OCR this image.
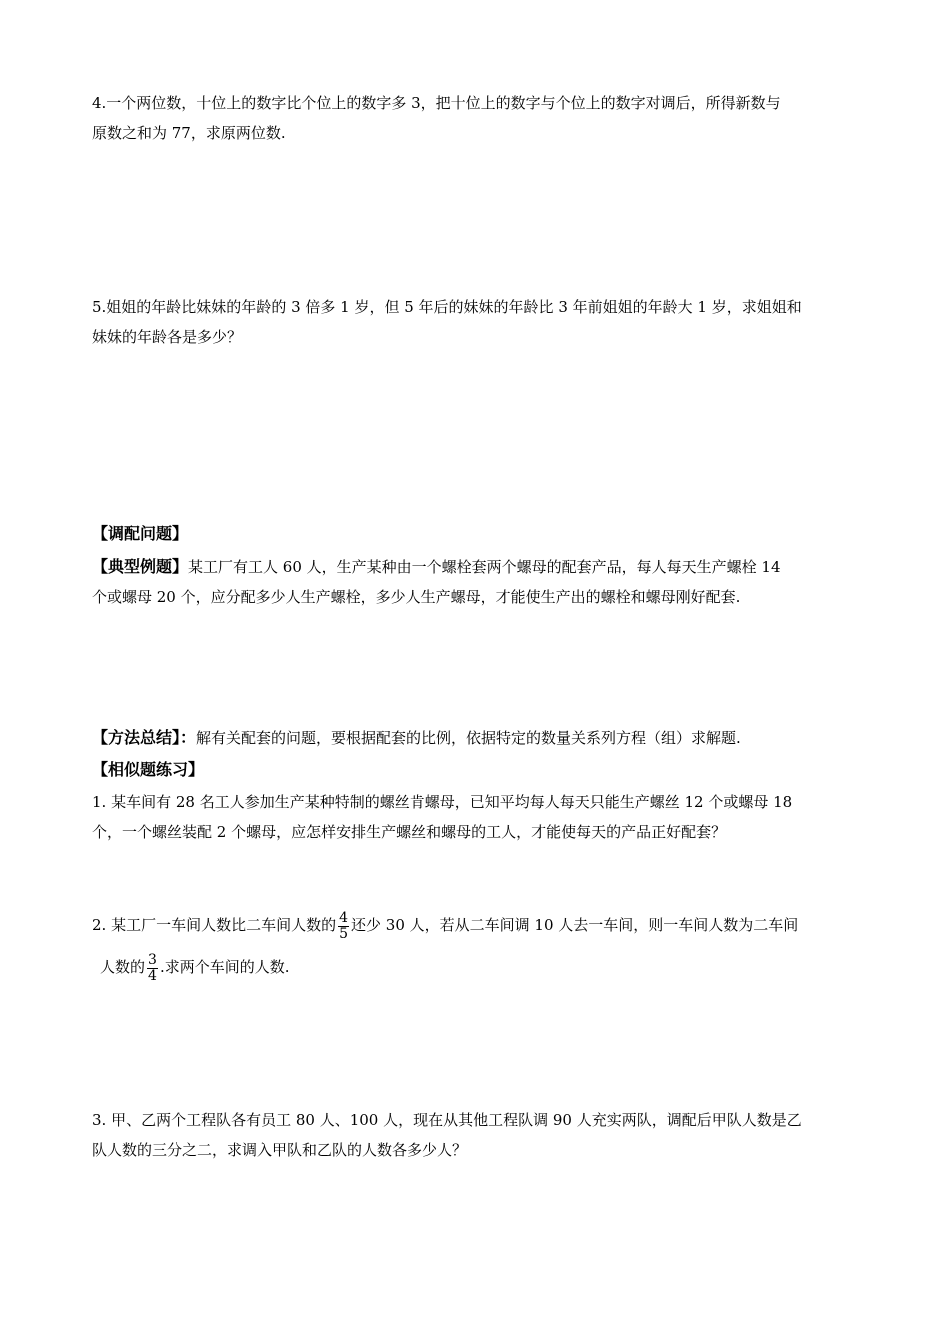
4.一个两位数，十位上的数字比个位上的数字多 3，把十位上的数字与个位上的数字对调后，所得新数与

原数之和为 77，求原两位数.

5.姐姐的年龄比妹妹的年龄的 3 倍多 1 岁，但 5 年后的妹妹的年龄比 3 年前姐姐的年龄大 1 岁，求姐姐和

妹妹的年龄各是多少？

【调配问题】

【典型例题】某工厂有工人 60 人，生产某种由一个螺栓套两个螺母的配套产品，每人每天生产螺栓 14

个或螺母 20 个，应分配多少人生产螺栓，多少人生产螺母，才能使生产出的螺栓和螺母刚好配套.

【方法总结】：解有关配套的问题，要根据配套的比例，依据特定的数量关系列方程（组）求解题.

【相似题练习】

1. 某车间有 28 名工人参加生产某种特制的螺丝肯螺母，已知平均每人每天只能生产螺丝 12 个或螺母 18

个，一个螺丝装配 2 个螺母，应怎样安排生产螺丝和螺母的工人，才能使每天的产品正好配套？

2. 某工厂一车间人数比二车间人数的 $\frac{4}{5}$ 还少 30 人，若从二车间调 10 人去一车间，则一车间人数为二车间

人数的 $\frac{3}{4}$ .求两个车间的人数.

3. 甲、乙两个工程队各有员工 80 人、100 人，现在从其他工程队调 90 人充实两队，调配后甲队人数是乙

队人数的三分之二，求调入甲队和乙队的人数各多少人？
